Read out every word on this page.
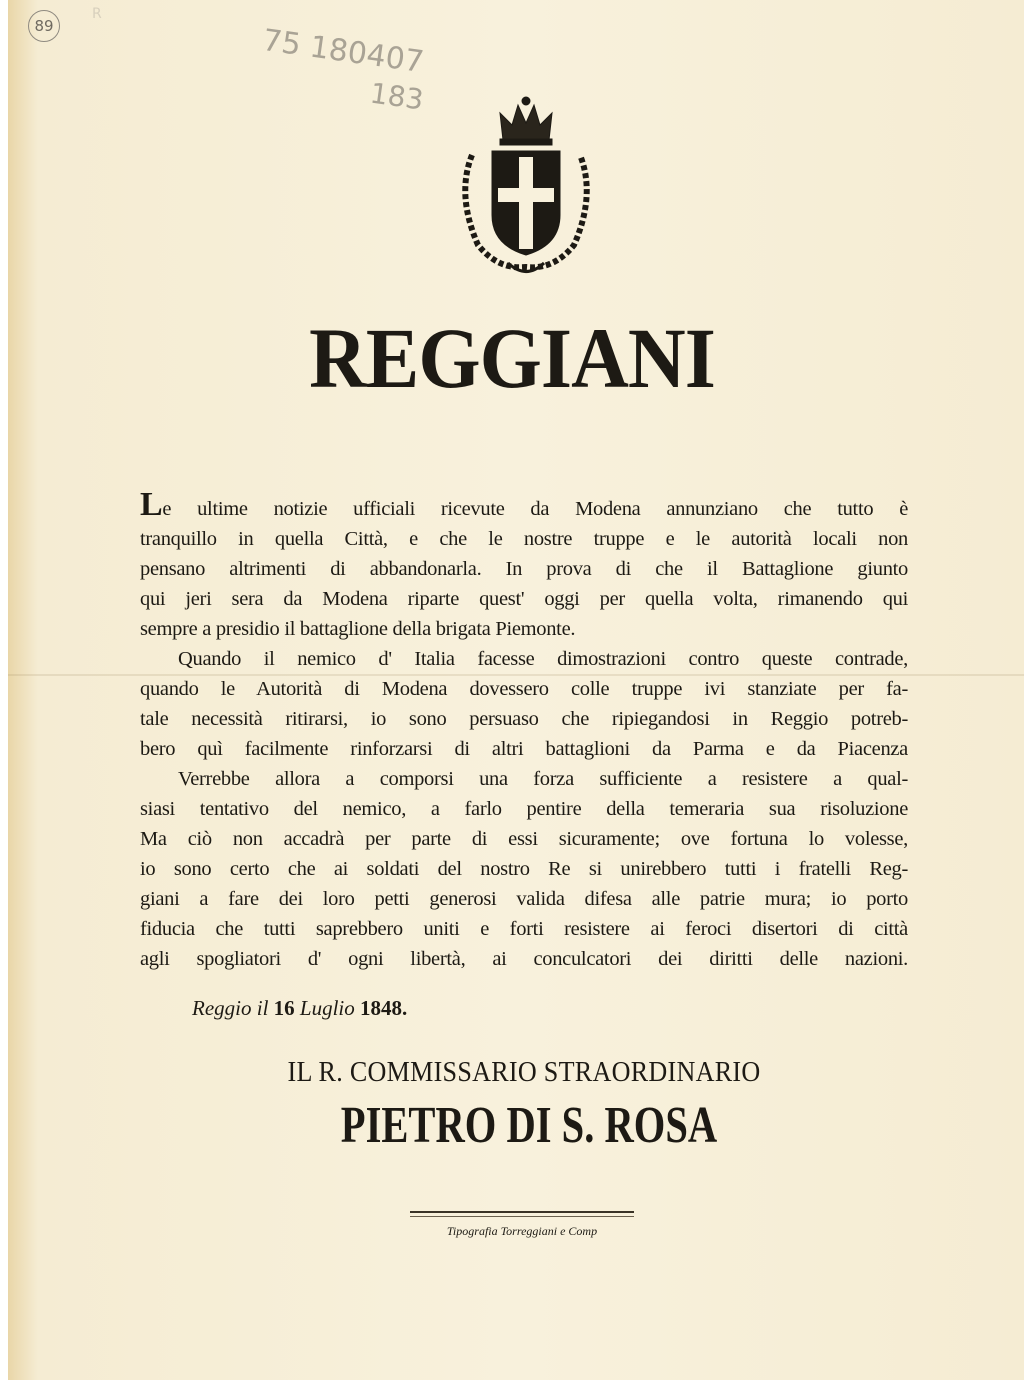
89
R
75 180407
183
REGGIANI
Le ultime notizie ufficiali ricevute da Modena annunziano che tutto è
tranquillo in quella Città, e che le nostre truppe e le autorità locali non
pensano altrimenti di abbandonarla. In prova di che il Battaglione giunto
qui jeri sera da Modena riparte quest' oggi per quella volta, rimanendo qui
sempre a presidio il battaglione della brigata Piemonte.
Quando il nemico d' Italia facesse dimostrazioni contro queste contrade,
quando le Autorità di Modena dovessero colle truppe ivi stanziate per fa-
tale necessità ritirarsi, io sono persuaso che ripiegandosi in Reggio potreb-
bero quì facilmente rinforzarsi di altri battaglioni da Parma e da Piacenza
Verrebbe allora a comporsi una forza sufficiente a resistere a qual-
siasi tentativo del nemico, a farlo pentire della temeraria sua risoluzione
Ma ciò non accadrà per parte di essi sicuramente; ove fortuna lo volesse,
io sono certo che ai soldati del nostro Re si unirebbero tutti i fratelli Reg-
giani a fare dei loro petti generosi valida difesa alle patrie mura; io porto
fiducia che tutti saprebbero uniti e forti resistere ai feroci disertori di città
agli spogliatori d' ogni libertà, ai conculcatori dei diritti delle nazioni.
Reggio il 16 Luglio 1848.
IL R. COMMISSARIO STRAORDINARIO
PIETRO DI S. ROSA
Tipografia Torreggiani e Comp
